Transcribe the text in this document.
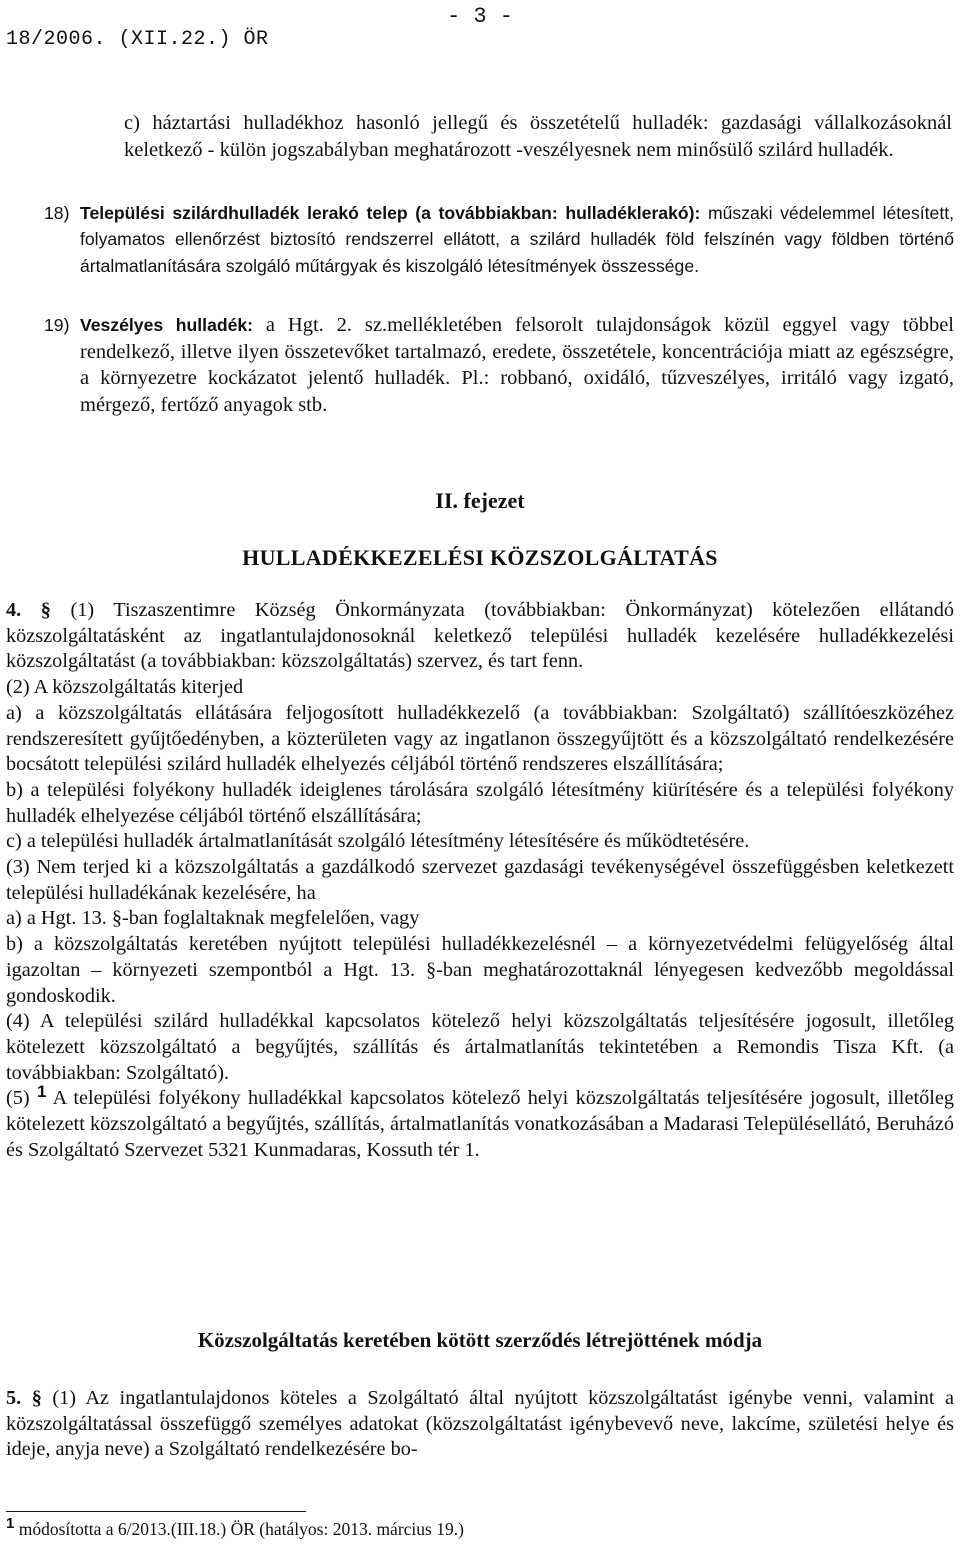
- 3 -
18/2006. (XII.22.) ÖR

c) háztartási hulladékhoz hasonló jellegű és összetételű hulladék: gazdasági vállalkozásoknál keletkező - külön jogszabályban meghatározott -veszélyesnek nem minősülő szilárd hulladék.

18) Települési szilárdhulladék lerakó telep (a továbbiakban: hulladéklerakó): műszaki védelemmel létesített, folyamatos ellenőrzést biztosító rendszerrel ellátott, a szilárd hulladék föld felszínén vagy földben történő ártalmatlanítására szolgáló műtárgyak és kiszolgáló létesítmények összessége.
19) Veszélyes hulladék: a Hgt. 2. sz.mellékletében felsorolt tulajdonságok közül eggyel vagy többel rendelkező, illetve ilyen összetevőket tartalmazó, eredete, összetétele, koncentrációja miatt az egészségre, a környezetre kockázatot jelentő hulladék. Pl.: robbanó, oxidáló, tűzveszélyes, irritáló vagy izgató, mérgező, fertőző anyagok stb.
II. fejezet
HULLADÉKKEZELÉSI KÖZSZOLGÁLTATÁS

4. § (1) Tiszaszentimre Község Önkormányzata (továbbiakban: Önkormányzat) kötelezően ellátandó közszolgáltatásként az ingatlantulajdonosoknál keletkező települési hulladék kezelésére hulladékkezelési közszolgáltatást (a továbbiakban: közszolgáltatás) szervez, és tart fenn.

(2) A közszolgáltatás kiterjed

a) a közszolgáltatás ellátására feljogosított hulladékkezelő (a továbbiakban: Szolgáltató) szállítóeszközéhez rendszeresített gyűjtőedényben, a közterületen vagy az ingatlanon összegyűjtött és a közszolgáltató rendelkezésére bocsátott települési szilárd hulladék elhelyezés céljából történő rendszeres elszállítására;

b) a települési folyékony hulladék ideiglenes tárolására szolgáló létesítmény kiürítésére és a települési folyékony hulladék elhelyezése céljából történő elszállítására;

c) a települési hulladék ártalmatlanítását szolgáló létesítmény létesítésére és működtetésére.

(3) Nem terjed ki a közszolgáltatás a gazdálkodó szervezet gazdasági tevékenységével összefüggésben keletkezett települési hulladékának kezelésére, ha

a) a Hgt. 13. §-ban foglaltaknak megfelelően, vagy

b) a közszolgáltatás keretében nyújtott települési hulladékkezelésnél – a környezetvédelmi felügyelőség által igazoltan – környezeti szempontból a Hgt. 13. §-ban meghatározottaknál lényegesen kedvezőbb megoldással gondoskodik.

(4) A települési szilárd hulladékkal kapcsolatos kötelező helyi közszolgáltatás teljesítésére jogosult, illetőleg kötelezett közszolgáltató a begyűjtés, szállítás és ártalmatlanítás tekintetében a Remondis Tisza Kft. (a továbbiakban: Szolgáltató).

(5) $^1$ A települési folyékony hulladékkal kapcsolatos kötelező helyi közszolgáltatás teljesítésére jogosult, illetőleg kötelezett közszolgáltató a begyűjtés, szállítás, ártalmatlanítás vonatkozásában a Madarasi Településellátó, Beruházó és Szolgáltató Szervezet 5321 Kunmadaras, Kossuth tér 1.

Közszolgáltatás keretében kötött szerződés létrejöttének módja

5. § (1) Az ingatlantulajdonos köteles a Szolgáltató által nyújtott közszolgáltatást igénybe venni, valamint a közszolgáltatással összefüggő személyes adatokat (közszolgáltatást igénybevevő neve, lakcíme, születési helye és ideje, anyja neve) a Szolgáltató rendelkezésére bo-

$^1$ módosította a 6/2013.(III.18.) ÖR (hatályos: 2013. március 19.)
